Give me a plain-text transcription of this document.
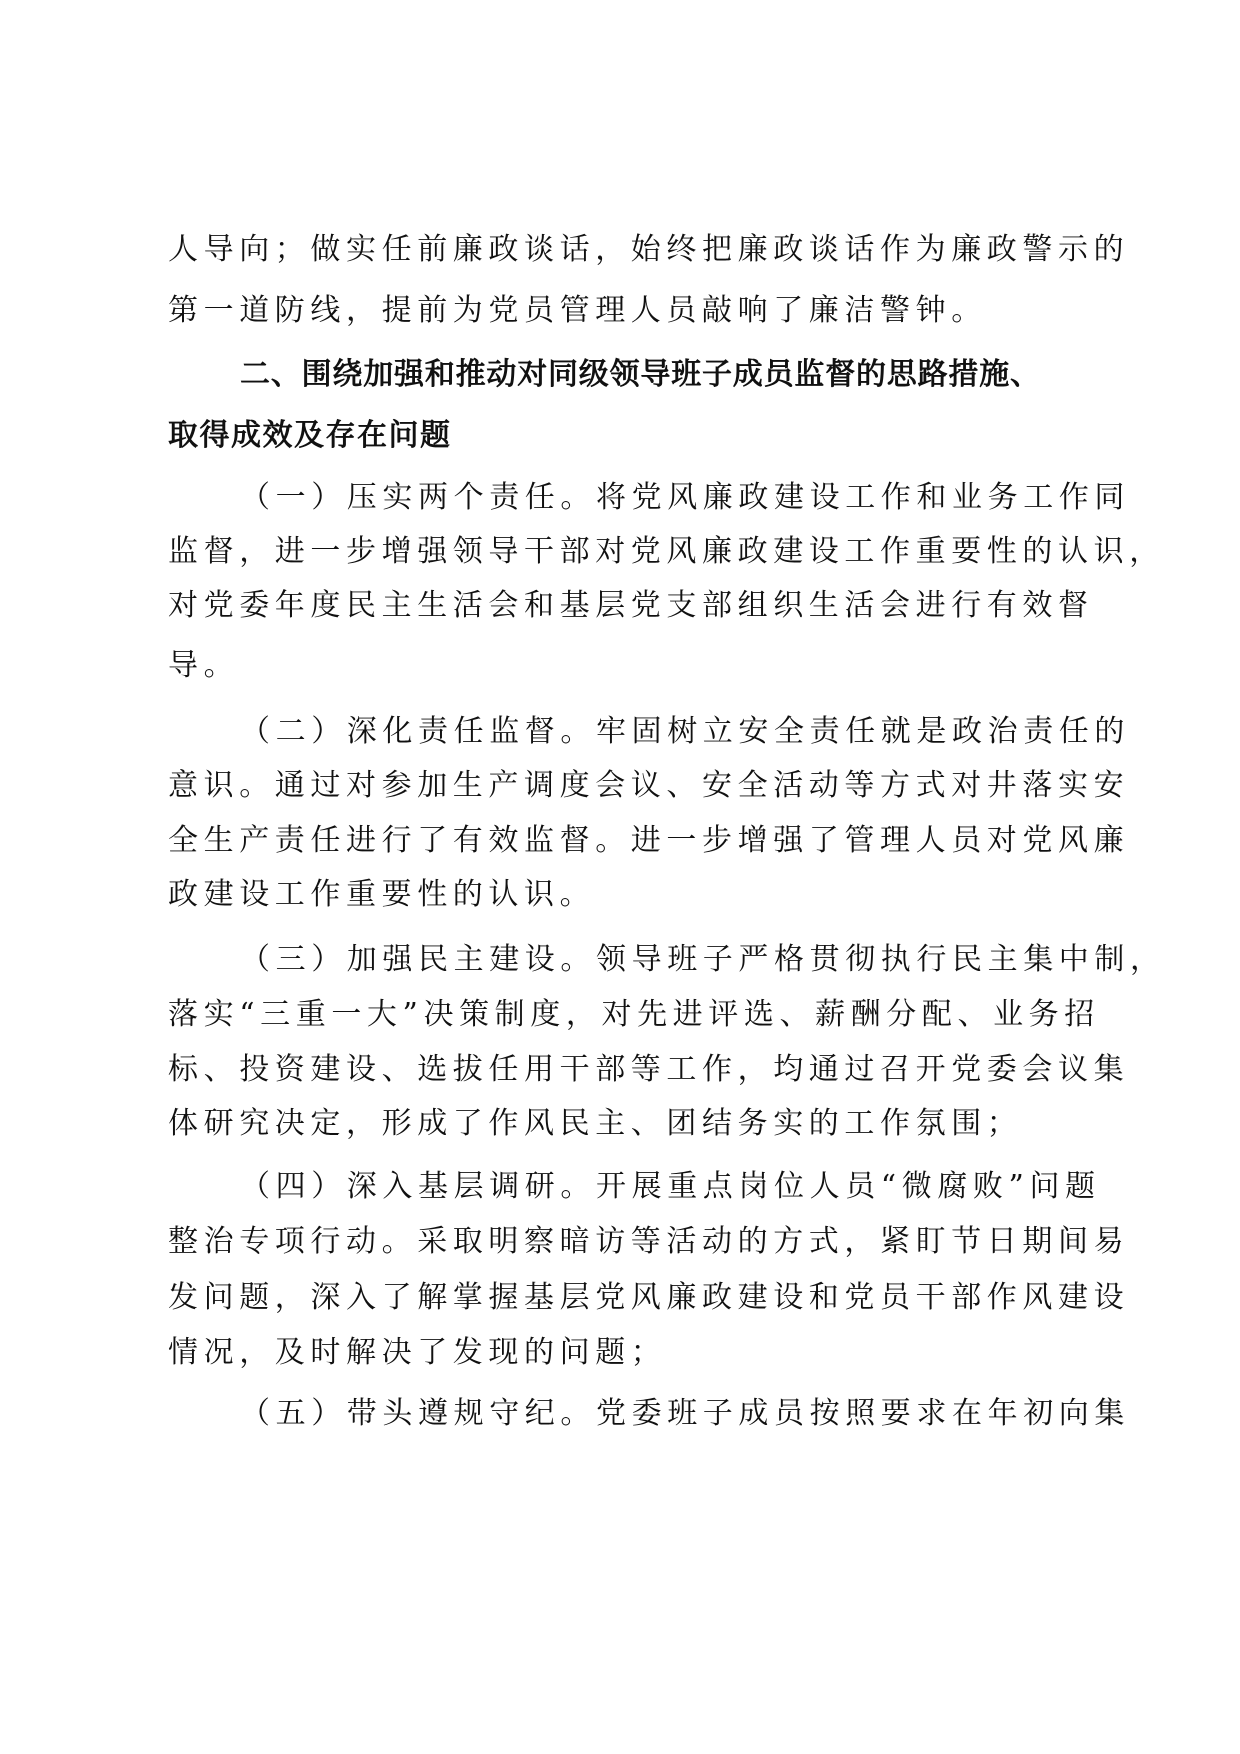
人导向；做实任前廉政谈话，始终把廉政谈话作为廉政警示的
第一道防线，提前为党员管理人员敲响了廉洁警钟。
二、围绕加强和推动对同级领导班子成员监督的思路措施、
取得成效及存在问题
（一）压实两个责任。将党风廉政建设工作和业务工作同
监督，进一步增强领导干部对党风廉政建设工作重要性的认识，
对党委年度民主生活会和基层党支部组织生活会进行有效督
导。
（二）深化责任监督。牢固树立安全责任就是政治责任的
意识。通过对参加生产调度会议、安全活动等方式对井落实安
全生产责任进行了有效监督。进一步增强了管理人员对党风廉
政建设工作重要性的认识。
（三）加强民主建设。领导班子严格贯彻执行民主集中制，
落实“三重一大”决策制度，对先进评选、薪酬分配、业务招
标、投资建设、选拔任用干部等工作，均通过召开党委会议集
体研究决定，形成了作风民主、团结务实的工作氛围；
（四）深入基层调研。开展重点岗位人员“微腐败”问题
整治专项行动。采取明察暗访等活动的方式，紧盯节日期间易
发问题，深入了解掌握基层党风廉政建设和党员干部作风建设
情况，及时解决了发现的问题；
（五）带头遵规守纪。党委班子成员按照要求在年初向集
